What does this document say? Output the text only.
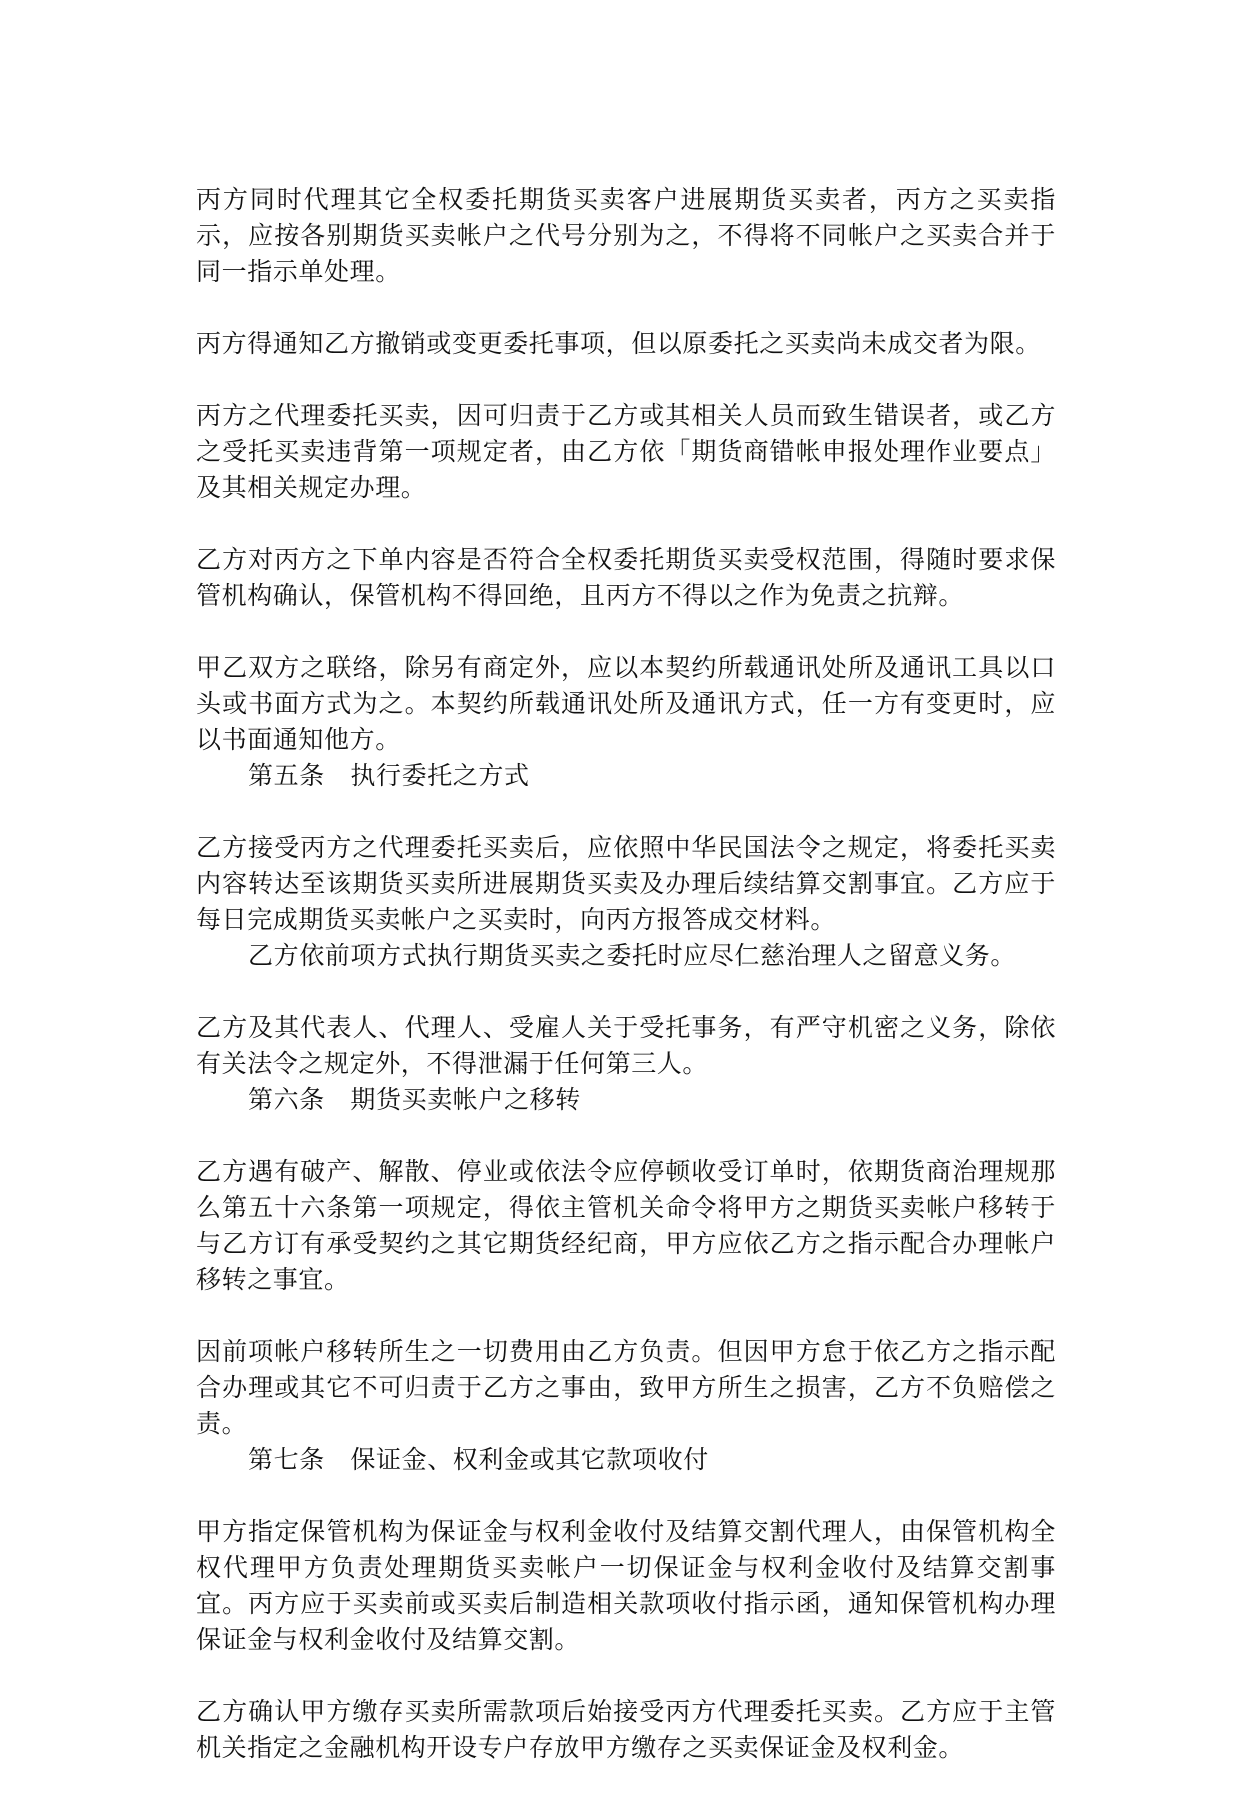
丙方同时代理其它全权委托期货买卖客户进展期货买卖者，丙方之买卖指示，应按各别期货买卖帐户之代号分别为之，不得将不同帐户之买卖合并于同一指示单处理。

丙方得通知乙方撤销或变更委托事项，但以原委托之买卖尚未成交者为限。

丙方之代理委托买卖，因可归责于乙方或其相关人员而致生错误者，或乙方之受托买卖违背第一项规定者，由乙方依「期货商错帐申报处理作业要点」及其相关规定办理。

乙方对丙方之下单内容是否符合全权委托期货买卖受权范围，得随时要求保管机构确认，保管机构不得回绝，且丙方不得以之作为免责之抗辩。

甲乙双方之联络，除另有商定外，应以本契约所载通讯处所及通讯工具以口头或书面方式为之。本契约所载通讯处所及通讯方式，任一方有变更时，应以书面通知他方。

第五条　执行委托之方式

乙方接受丙方之代理委托买卖后，应依照中华民国法令之规定，将委托买卖内容转达至该期货买卖所进展期货买卖及办理后续结算交割事宜。乙方应于每日完成期货买卖帐户之买卖时，向丙方报答成交材料。

乙方依前项方式执行期货买卖之委托时应尽仁慈治理人之留意义务。

乙方及其代表人、代理人、受雇人关于受托事务，有严守机密之义务，除依有关法令之规定外，不得泄漏于任何第三人。

第六条　期货买卖帐户之移转

乙方遇有破产、解散、停业或依法令应停顿收受订单时，依期货商治理规那么第五十六条第一项规定，得依主管机关命令将甲方之期货买卖帐户移转于与乙方订有承受契约之其它期货经纪商，甲方应依乙方之指示配合办理帐户移转之事宜。

因前项帐户移转所生之一切费用由乙方负责。但因甲方怠于依乙方之指示配合办理或其它不可归责于乙方之事由，致甲方所生之损害，乙方不负赔偿之责。

第七条　保证金、权利金或其它款项收付

甲方指定保管机构为保证金与权利金收付及结算交割代理人，由保管机构全权代理甲方负责处理期货买卖帐户一切保证金与权利金收付及结算交割事宜。丙方应于买卖前或买卖后制造相关款项收付指示函，通知保管机构办理保证金与权利金收付及结算交割。

乙方确认甲方缴存买卖所需款项后始接受丙方代理委托买卖。乙方应于主管机关指定之金融机构开设专户存放甲方缴存之买卖保证金及权利金。
